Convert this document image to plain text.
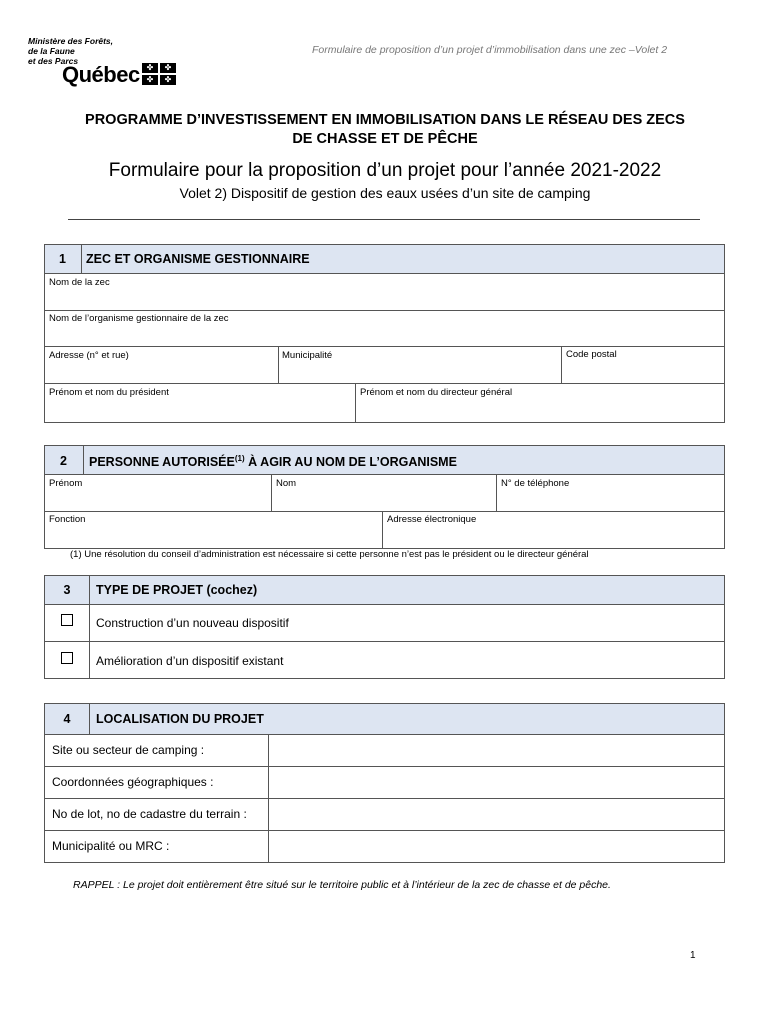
Ministère des Forêts,
de la Faune
et des Parcs
Québec ✤	✤
✤	✤
Formulaire de proposition d’un projet d’immobilisation dans une zec –Volet 2
PROGRAMME D’INVESTISSEMENT EN IMMOBILISATION DANS LE RÉSEAU DES ZECS
DE CHASSE ET DE PÊCHE
Formulaire pour la proposition d’un projet pour l’année 2021-2022
Volet 2) Dispositif de gestion des eaux usées d’un site de camping
1	ZEC ET ORGANISME GESTIONNAIRE
Nom de la zec
Nom de l’organisme gestionnaire de la zec
Adresse (n° et rue)	Municipalité	Code postal
Prénom et nom du président	Prénom et nom du directeur général
2	PERSONNE AUTORISÉE$^{(1)}$ À AGIR AU NOM DE L’ORGANISME
Prénom	Nom	N° de téléphone
Fonction	Adresse électronique
(1) Une résolution du conseil d’administration est nécessaire si cette personne n’est pas le président ou le directeur général
3	TYPE DE PROJET (cochez)
Construction d’un nouveau dispositif
Amélioration d’un dispositif existant
4	LOCALISATION DU PROJET
Site ou secteur de camping :
Coordonnées géographiques :
No de lot, no de cadastre du terrain :
Municipalité ou MRC :
RAPPEL : Le projet doit entièrement être situé sur le territoire public et à l’intérieur de la zec de chasse et de pêche.
1
